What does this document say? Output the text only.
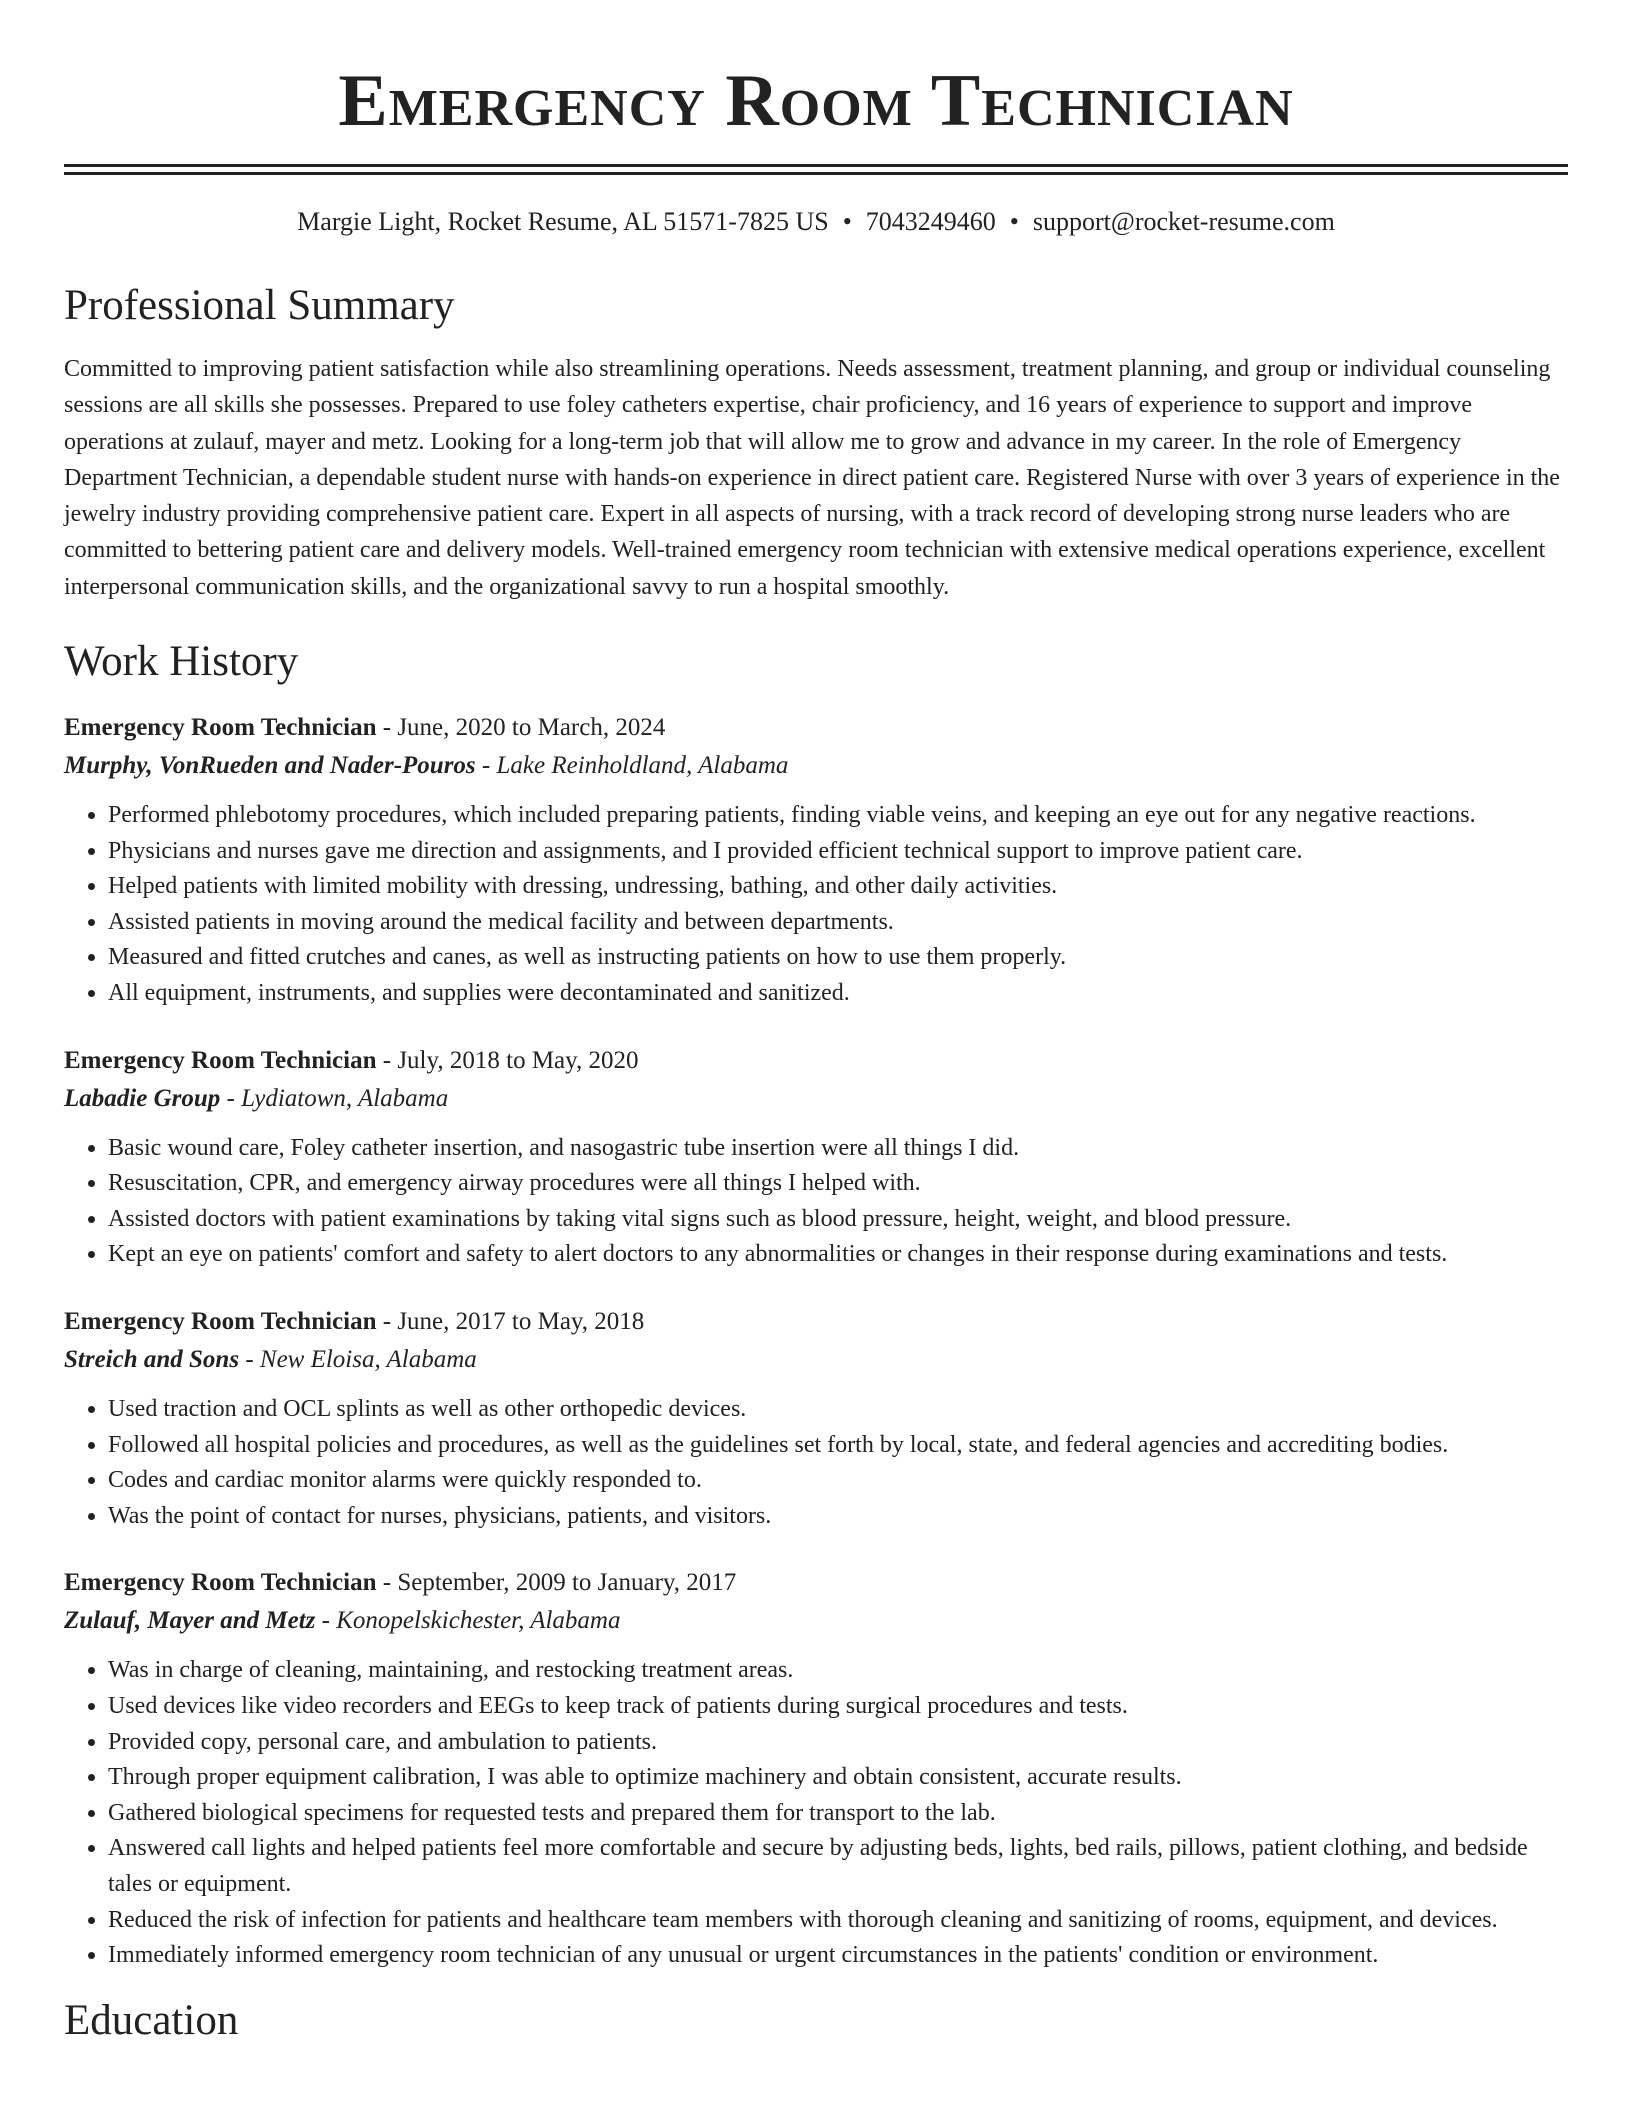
Emergency Room Technician
Margie Light, Rocket Resume, AL 51571-7825 US • 7043249460 • support@rocket-resume.com
Professional Summary

Committed to improving patient satisfaction while also streamlining operations. Needs assessment, treatment planning, and group or individual counseling sessions are all skills she possesses. Prepared to use foley catheters expertise, chair proficiency, and 16 years of experience to support and improve operations at zulauf, mayer and metz. Looking for a long-term job that will allow me to grow and advance in my career. In the role of Emergency Department Technician, a dependable student nurse with hands-on experience in direct patient care. Registered Nurse with over 3 years of experience in the jewelry industry providing comprehensive patient care. Expert in all aspects of nursing, with a track record of developing strong nurse leaders who are committed to bettering patient care and delivery models. Well-trained emergency room technician with extensive medical operations experience, excellent interpersonal communication skills, and the organizational savvy to run a hospital smoothly.

Work History
Emergency Room Technician - June, 2020 to March, 2024
Murphy, VonRueden and Nader-Pouros - Lake Reinholdland, Alabama
• Performed phlebotomy procedures, which included preparing patients, finding viable veins, and keeping an eye out for any negative reactions.
• Physicians and nurses gave me direction and assignments, and I provided efficient technical support to improve patient care.
• Helped patients with limited mobility with dressing, undressing, bathing, and other daily activities.
• Assisted patients in moving around the medical facility and between departments.
• Measured and fitted crutches and canes, as well as instructing patients on how to use them properly.
• All equipment, instruments, and supplies were decontaminated and sanitized.
Emergency Room Technician - July, 2018 to May, 2020
Labadie Group - Lydiatown, Alabama
• Basic wound care, Foley catheter insertion, and nasogastric tube insertion were all things I did.
• Resuscitation, CPR, and emergency airway procedures were all things I helped with.
• Assisted doctors with patient examinations by taking vital signs such as blood pressure, height, weight, and blood pressure.
• Kept an eye on patients' comfort and safety to alert doctors to any abnormalities or changes in their response during examinations and tests.
Emergency Room Technician - June, 2017 to May, 2018
Streich and Sons - New Eloisa, Alabama
• Used traction and OCL splints as well as other orthopedic devices.
• Followed all hospital policies and procedures, as well as the guidelines set forth by local, state, and federal agencies and accrediting bodies.
• Codes and cardiac monitor alarms were quickly responded to.
• Was the point of contact for nurses, physicians, patients, and visitors.
Emergency Room Technician - September, 2009 to January, 2017
Zulauf, Mayer and Metz - Konopelskichester, Alabama
• Was in charge of cleaning, maintaining, and restocking treatment areas.
• Used devices like video recorders and EEGs to keep track of patients during surgical procedures and tests.
• Provided copy, personal care, and ambulation to patients.
• Through proper equipment calibration, I was able to optimize machinery and obtain consistent, accurate results.
• Gathered biological specimens for requested tests and prepared them for transport to the lab.
• Answered call lights and helped patients feel more comfortable and secure by adjusting beds, lights, bed rails, pillows, patient clothing, and bedside tales or equipment.
• Reduced the risk of infection for patients and healthcare team members with thorough cleaning and sanitizing of rooms, equipment, and devices.
• Immediately informed emergency room technician of any unusual or urgent circumstances in the patients' condition or environment.
Education
